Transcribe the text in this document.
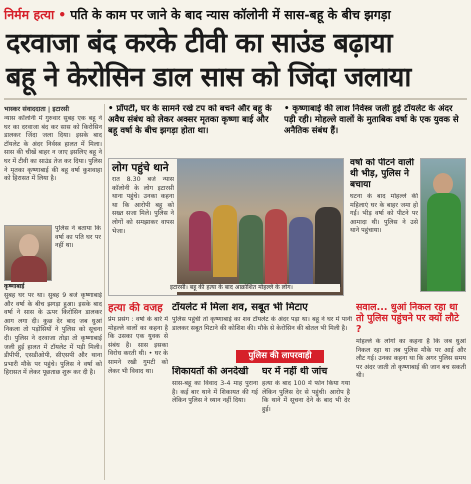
निर्मम हत्या • पति के काम पर जाने के बाद न्यास कॉलोनी में सास-बहू के बीच झगड़ा
दरवाजा बंद करके टीवी का साउंड बढ़ाया
बहू ने केरोसिन डाल सास को जिंदा जलाया
भास्कर संवाददाता | इटारसी
न्यास कॉलोनी में गुरुवार सुबह एक बहू ने घर का दरवाजा बंद कर सास को किरोसिन डालकर जिंदा जला दिया। इसके बाद टॉयलेट के अंदर निर्वस्त्र हालत में मिला। सास की चीखें बाहर न जाए इसलिए बहू ने घर में टीवी का साउंड तेज कर दिया। पुलिस ने मृतका कृष्णाबाई की बहू वर्षा कुशवाहा को हिरासत में लिया है।
पुलिस ने बताया कि वर्षा का पति घर पर नहीं था।
कृष्णाबाई
सुबह घर पर था। सुबह 9 बजे कृष्णाबाई और वर्षा के बीच झगड़ा हुआ। इसके बाद वर्षा ने सास के ऊपर किरोसिन डालकर आग लगा दी। कुछ देर बाद जब धुआं निकला तो पड़ोसियों ने पुलिस को सूचना दी। पुलिस ने दरवाजा तोड़ा तो कृष्णाबाई जली हुई हालत में टॉयलेट में पड़ी मिली। डीपीपी, एसडीओपी, सीएसपी और थाना प्रभारी मौके पर पहुंचे। पुलिस ने वर्षा को हिरासत में लेकर पूछताछ शुरू कर दी है।
• प्रॉपर्टी, घर के सामने रखे टप को बचने और बहू के अवैध संबंध को लेकर अक्सर मृतका कृष्णा बाई और बहू वर्षा के बीच झगड़ा होता था।
• कृष्णाबाई की लाश निर्वस्त्र जली हुई टॉयलेट के अंदर पड़ी रही। मोहल्ले वालों के मुताबिक वर्षा के एक युवक से अनैतिक संबंध हैं।
लोग पहुंचे थाने
रात 8.30 बजे न्यास कॉलोनी के लोग इटारसी थाना पहुंचे। उनका कहना था कि आरोपी बहू को सख्त सजा मिले। पुलिस ने लोगों को समझाकर वापस भेजा।
इटारसी। बहू की हत्या के बाद आक्रोशित मोहल्ले के लोग।
वर्षा को पीटने वाली थी भीड़, पुलिस ने बचाया
घटना के बाद मोहल्ले की महिलाएं घर के बाहर जमा हो गईं। भीड़ वर्षा को पीटने पर आमादा थी। पुलिस ने उसे थाने पहुंचाया।
हत्या की वजह
प्रेम प्रसंग : वर्षा के बारे में मोहल्ले वालों का कहना है कि उसका एक युवक से संबंध है। सास इसका विरोध करती थी। • घर के सामने रखी गुमटी को लेकर भी विवाद था।
टॉयलेट में मिला शव, सबूत भी मिटाए
पुलिस पहुंची तो कृष्णाबाई का शव टॉयलेट के अंदर पड़ा था। बहू ने घर में पानी डालकर सबूत मिटाने की कोशिश की। मौके से केरोसिन की बोतल भी मिली है।
पुलिस की लापरवाही
शिकायतों की अनदेखी
सास-बहू का विवाद 3-4 माह पुराना है। कई बार थाने में शिकायत की गई लेकिन पुलिस ने ध्यान नहीं दिया।
घर में नहीं थी जांच
हत्या के बाद 100 में फोन किया गया लेकिन पुलिस देर से पहुंची। आरोप है कि थाने में सूचना देने के बाद भी देर हुई।
सवाल... धुआं निकल रहा था तो पुलिस पहुंचने पर क्यों लौटे ?
मोहल्ले के लोगों का कहना है कि जब धुआं निकल रहा था तब पुलिस मौके पर आई और लौट गई। उनका कहना था कि अगर पुलिस समय पर अंदर जाती तो कृष्णाबाई की जान बच सकती थी।
